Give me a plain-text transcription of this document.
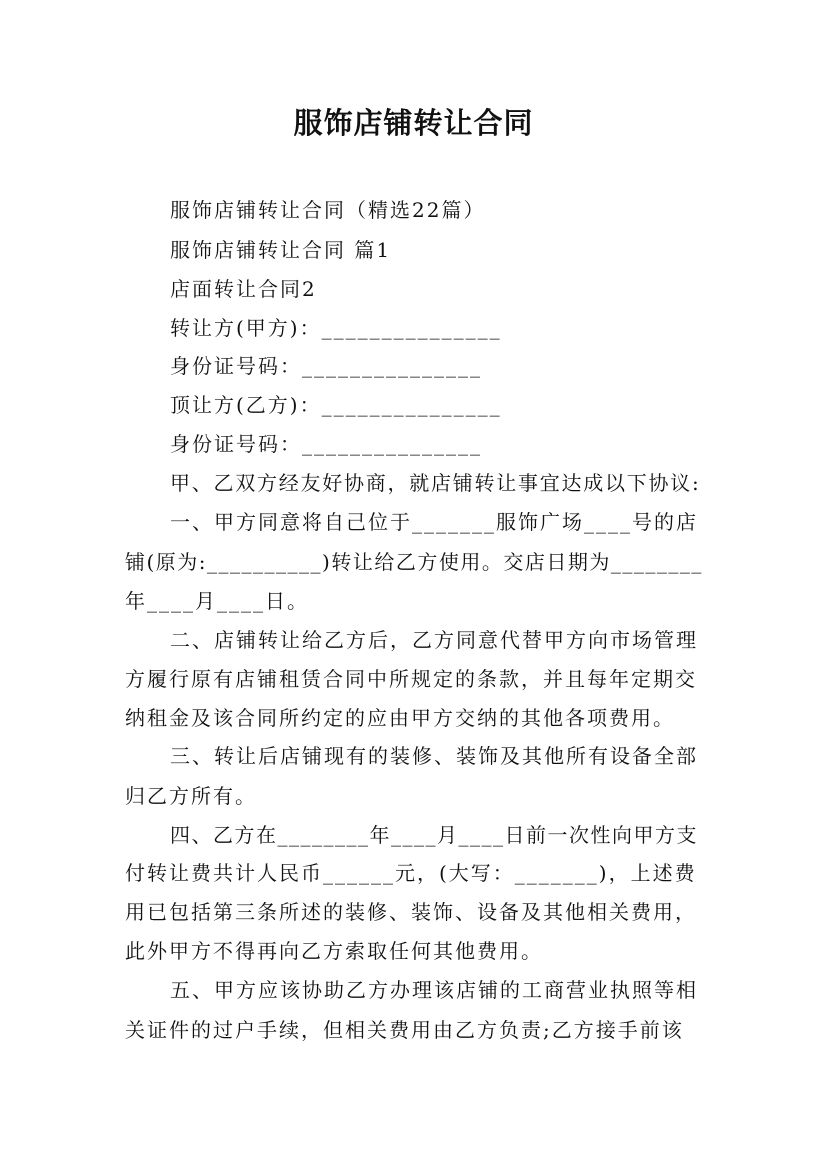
服饰店铺转让合同
服饰店铺转让合同（精选22篇）
服饰店铺转让合同 篇1
店面转让合同2
转让方(甲方)：_______________
身份证号码：_______________
顶让方(乙方)：_______________
身份证号码：_______________
甲、乙双方经友好协商，就店铺转让事宜达成以下协议:
一、甲方同意将自己位于_______服饰广场____号的店
铺(原为:__________)转让给乙方使用。交店日期为________
年____月____日。
二、店铺转让给乙方后，乙方同意代替甲方向市场管理
方履行原有店铺租赁合同中所规定的条款，并且每年定期交
纳租金及该合同所约定的应由甲方交纳的其他各项费用。
三、转让后店铺现有的装修、装饰及其他所有设备全部
归乙方所有。
四、乙方在________年____月____日前一次性向甲方支
付转让费共计人民币______元，(大写：_______)，上述费
用已包括第三条所述的装修、装饰、设备及其他相关费用，
此外甲方不得再向乙方索取任何其他费用。
五、甲方应该协助乙方办理该店铺的工商营业执照等相
关证件的过户手续，但相关费用由乙方负责;乙方接手前该
